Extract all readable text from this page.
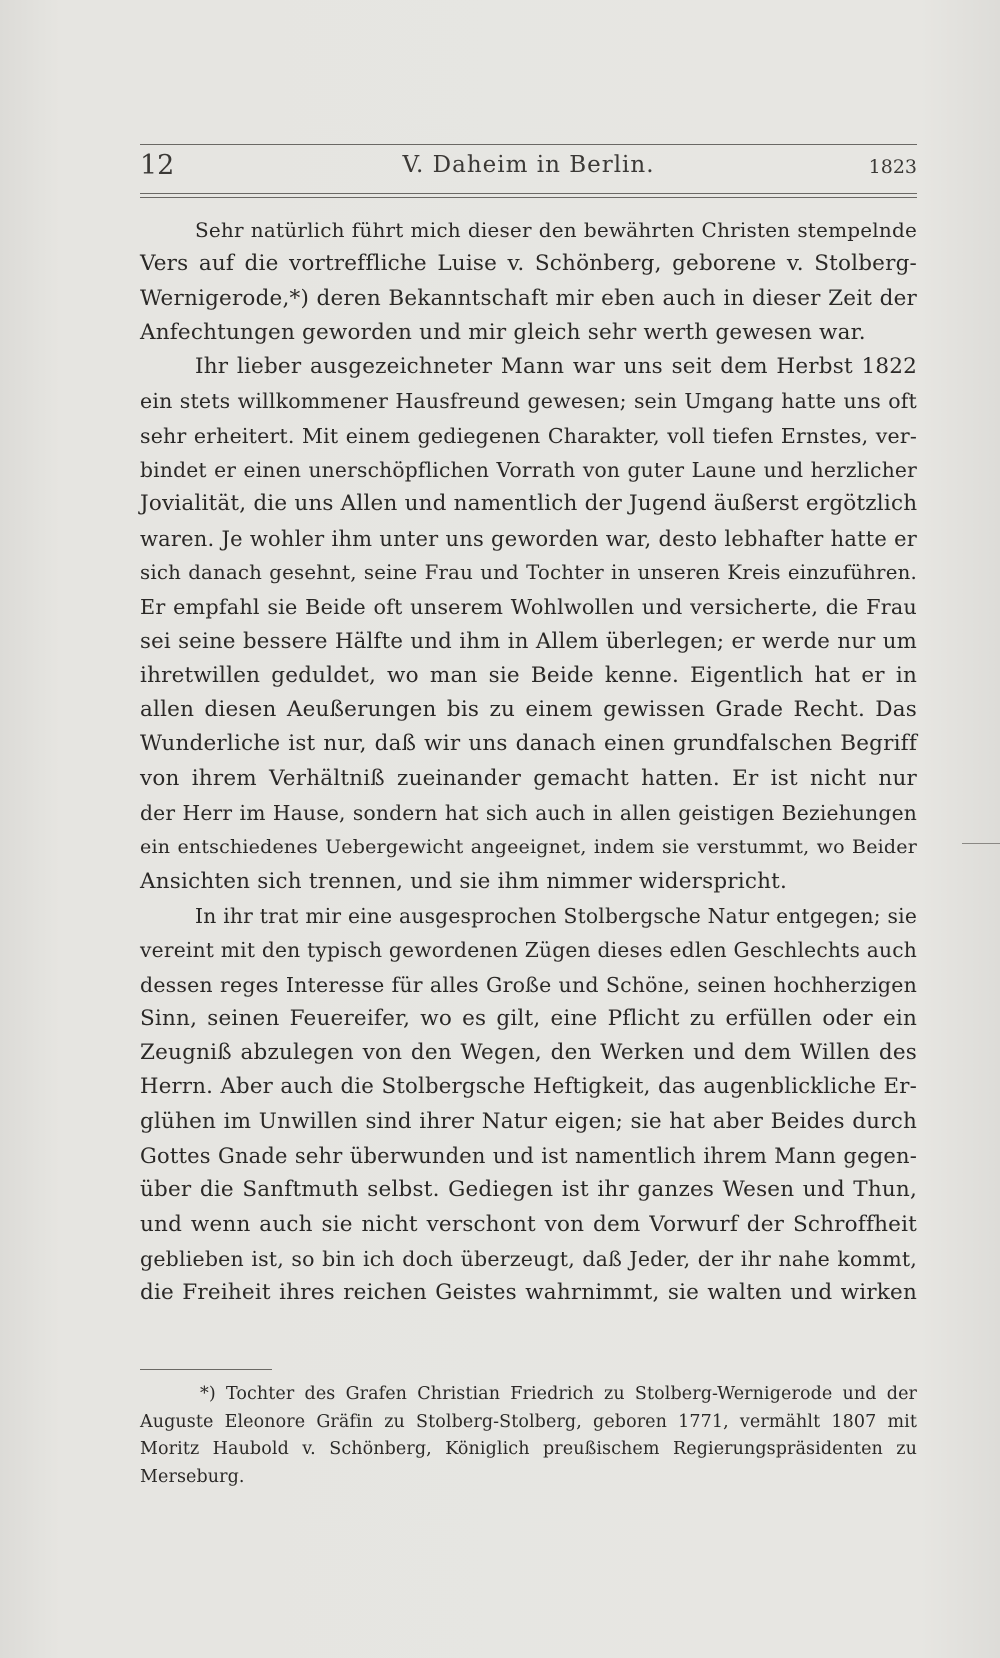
12	V. Daheim in Berlin.	1823
Sehr natürlich führt mich dieser den bewährten Christen stempelnde
Vers auf die vortreffliche Luise v. Schönberg, geborene v. Stolberg-
Wernigerode,*) deren Bekanntschaft mir eben auch in dieser Zeit der
Anfechtungen geworden und mir gleich sehr werth gewesen war.
Ihr lieber ausgezeichneter Mann war uns seit dem Herbst 1822
ein stets willkommener Hausfreund gewesen; sein Umgang hatte uns oft
sehr erheitert. Mit einem gediegenen Charakter, voll tiefen Ernstes, ver-
bindet er einen unerschöpflichen Vorrath von guter Laune und herzlicher
Jovialität, die uns Allen und namentlich der Jugend äußerst ergötzlich
waren. Je wohler ihm unter uns geworden war, desto lebhafter hatte er
sich danach gesehnt, seine Frau und Tochter in unseren Kreis einzuführen.
Er empfahl sie Beide oft unserem Wohlwollen und versicherte, die Frau
sei seine bessere Hälfte und ihm in Allem überlegen; er werde nur um
ihretwillen geduldet, wo man sie Beide kenne. Eigentlich hat er in
allen diesen Aeußerungen bis zu einem gewissen Grade Recht. Das
Wunderliche ist nur, daß wir uns danach einen grundfalschen Begriff
von ihrem Verhältniß zueinander gemacht hatten. Er ist nicht nur
der Herr im Hause, sondern hat sich auch in allen geistigen Beziehungen
ein entschiedenes Uebergewicht angeeignet, indem sie verstummt, wo Beider
Ansichten sich trennen, und sie ihm nimmer widerspricht.
In ihr trat mir eine ausgesprochen Stolbergsche Natur entgegen; sie
vereint mit den typisch gewordenen Zügen dieses edlen Geschlechts auch
dessen reges Interesse für alles Große und Schöne, seinen hochherzigen
Sinn, seinen Feuereifer, wo es gilt, eine Pflicht zu erfüllen oder ein
Zeugniß abzulegen von den Wegen, den Werken und dem Willen des
Herrn. Aber auch die Stolbergsche Heftigkeit, das augenblickliche Er-
glühen im Unwillen sind ihrer Natur eigen; sie hat aber Beides durch
Gottes Gnade sehr überwunden und ist namentlich ihrem Mann gegen-
über die Sanftmuth selbst. Gediegen ist ihr ganzes Wesen und Thun,
und wenn auch sie nicht verschont von dem Vorwurf der Schroffheit
geblieben ist, so bin ich doch überzeugt, daß Jeder, der ihr nahe kommt,
die Freiheit ihres reichen Geistes wahrnimmt, sie walten und wirken
*) Tochter des Grafen Christian Friedrich zu Stolberg-Wernigerode und der
Auguste Eleonore Gräfin zu Stolberg-Stolberg, geboren 1771, vermählt 1807 mit
Moritz Haubold v. Schönberg, Königlich preußischem Regierungspräsidenten zu
Merseburg.
